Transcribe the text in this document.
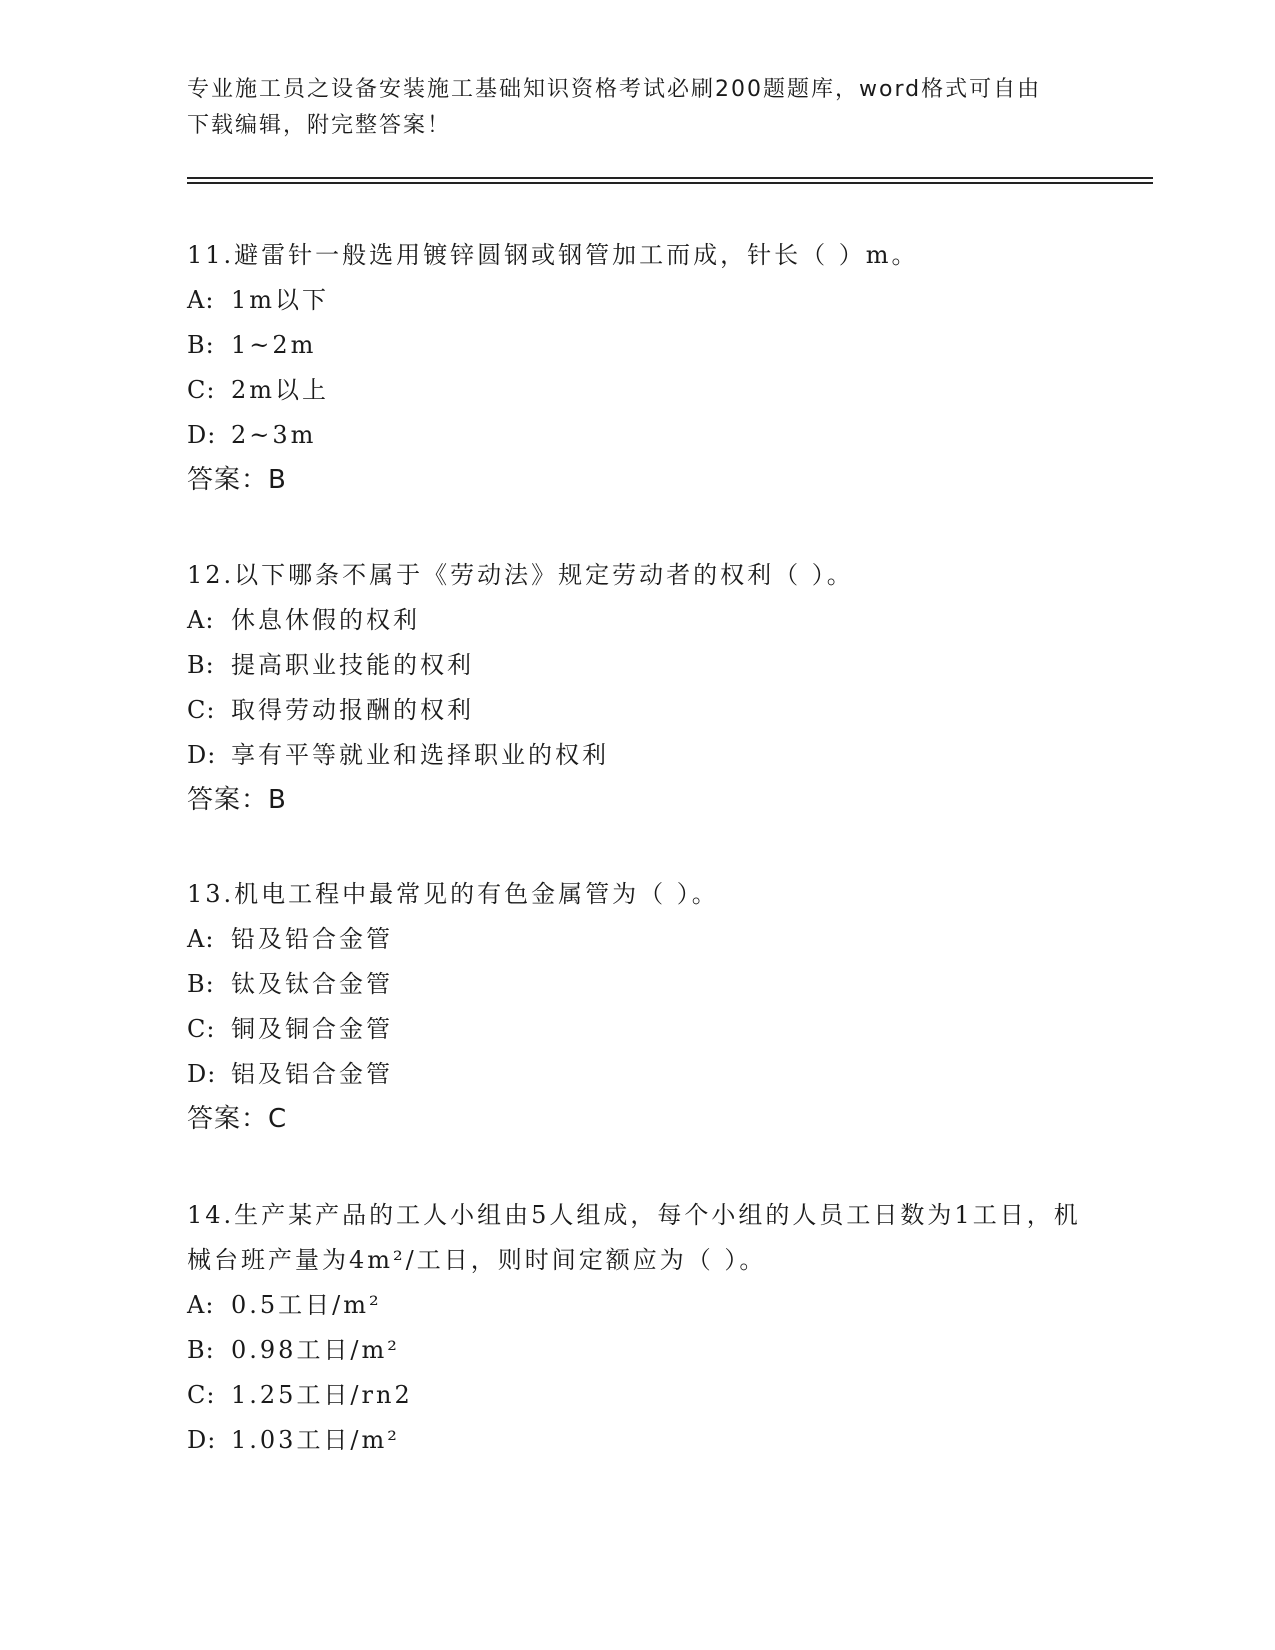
专业施工员之设备安装施工基础知识资格考试必刷200题题库，word格式可自由
下载编辑，附完整答案！

11.避雷针一般选用镀锌圆钢或钢管加工而成，针长（ ）m。

A: 1m以下

B: 1~2m

C: 2m以上

D: 2~3m

答案：B

12.以下哪条不属于《劳动法》规定劳动者的权利（ ）。

A: 休息休假的权利

B: 提高职业技能的权利

C: 取得劳动报酬的权利

D: 享有平等就业和选择职业的权利

答案：B

13.机电工程中最常见的有色金属管为（ ）。

A: 铅及铅合金管

B: 钛及钛合金管

C: 铜及铜合金管

D: 铝及铝合金管

答案：C

14.生产某产品的工人小组由5人组成，每个小组的人员工日数为1工日，机械台班产量为4m²/工日，则时间定额应为（ ）。

A: 0.5工日/m²

B: 0.98工日/m²

C: 1.25工日/rn2

D: 1.03工日/m²
